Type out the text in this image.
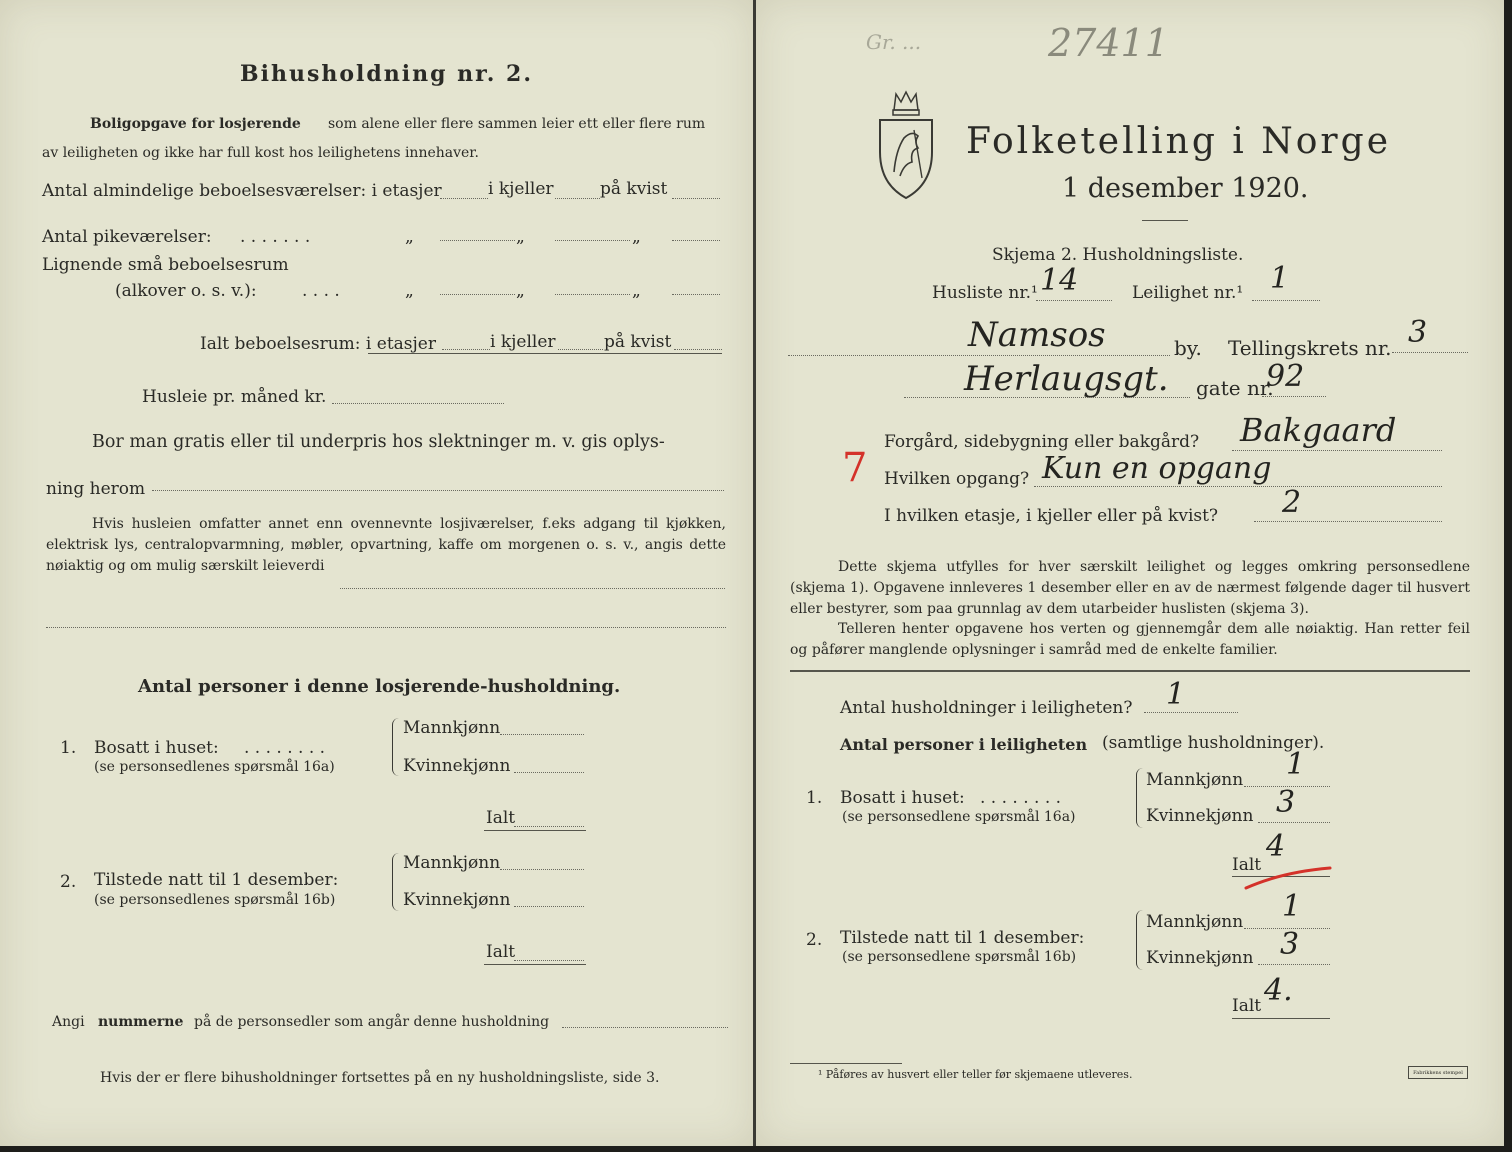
Bihusholdning nr. 2.
Boligopgave for losjerende som alene eller flere sammen leier ett eller flere rum
av leiligheten og ikke har full kost hos leilighetens innehaver.
Antal almindelige beboelsesværelser: i etasjer	i kjeller	på kvist
Antal pikeværelser: . . . . . . .	„	„	„
Lignende små beboelsesrum
(alkover o. s. v.):	. . . .	„	„	„
Ialt beboelsesrum: i etasjer	i kjeller	på kvist
Husleie pr. måned kr.
Bor man gratis eller til underpris hos slektninger m. v. gis oplys-
ning herom
Hvis husleien omfatter annet enn ovennevnte losjiværelser, f.eks adgang til kjøkken, elektrisk lys, centralopvarmning, møbler, opvartning, kaffe om morgenen o. s. v., angis dette nøiaktig og om mulig særskilt leieverdi
Antal personer i denne losjerende-husholdning.
1. Bosatt i huset: . . . . . . . .
(se personsedlenes spørsmål 16a)
Mannkjønn
Kvinnekjønn
Ialt
2. Tilstede natt til 1 desember:
(se personsedlenes spørsmål 16b)
Mannkjønn
Kvinnekjønn
Ialt
Angi nummerne på de personsedler som angår denne husholdning
Hvis der er flere bihusholdninger fortsettes på en ny husholdningsliste, side 3.
Gr. ...	27411
Folketelling i Norge
1 desember 1920.
Skjema 2. Husholdningsliste.
Husliste nr.¹ 14	Leilighet nr.¹ 1
Namsos	by. Tellingskrets nr. 3
Herlaugsgt. gate nr.
92
Forgård, sidebygning eller bakgård? Bakgaard
7 Hvilken opgang? Kun en opgang
I hvilken etasje, i kjeller eller på kvist? 2
Dette skjema utfylles for hver særskilt leilighet og legges omkring personsedlene (skjema 1). Opgavene innleveres 1 desember eller en av de nærmest følgende dager til husvert eller bestyrer, som paa grunnlag av dem utarbeider huslisten (skjema 3).
Telleren henter opgavene hos verten og gjennemgår dem alle nøiaktig. Han retter feil og påfører manglende oplysninger i samråd med de enkelte familier.
Antal husholdninger i leiligheten? 1
Antal personer i leiligheten (samtlige husholdninger).
1. Bosatt i huset: . . . . . . . .
(se personsedlene spørsmål 16a)
Mannkjønn 1
Kvinnekjønn 3
Ialt
4
2. Tilstede natt til 1 desember:
(se personsedlene spørsmål 16b)
Mannkjønn 1
Kvinnekjønn 3
Ialt 4.
¹ Påføres av husvert eller teller før skjemaene utleveres.	Fabrikkens stempel
